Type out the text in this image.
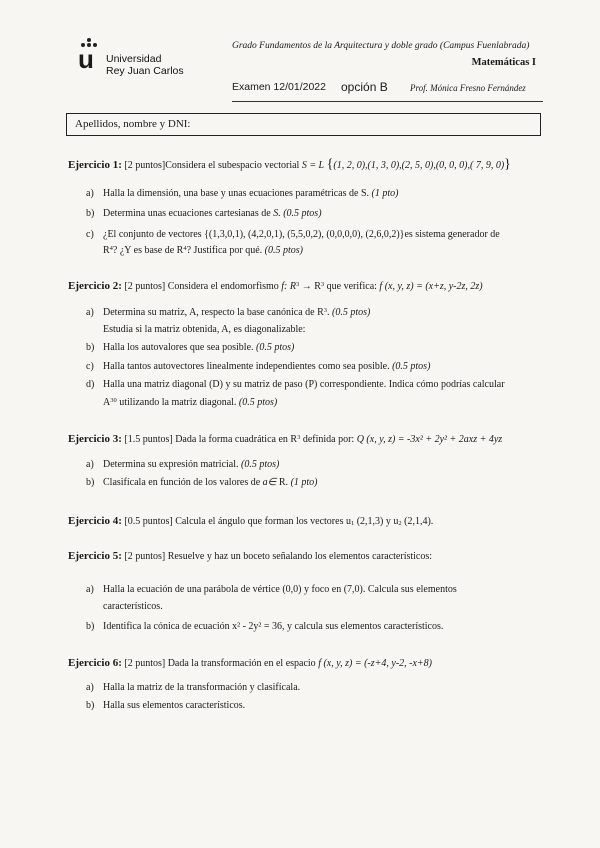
u Universidad
Rey Juan Carlos
Grado Fundamentos de la Arquitectura y doble grado (Campus Fuenlabrada)
Matemáticas I
Examen 12/01/2022 opción B Prof. Mónica Fresno Fernández
Apellidos, nombre y DNI:
Ejercicio 1: [2 puntos]Considera el subespacio vectorial S = L {(1, 2, 0),(1, 3, 0),(2, 5, 0),(0, 0, 0),( 7, 9, 0)}
a) Halla la dimensión, una base y unas ecuaciones paramétricas de S. (1 pto)
b) Determina unas ecuaciones cartesianas de S. (0.5 ptos)
c) ¿El conjunto de vectores {(1,3,0,1), (4,2,0,1), (5,5,0,2), (0,0,0,0), (2,6,0,2)}es sistema generador de
$R^4$? ¿Y es base de $R^4$? Justifica por qué. (0.5 ptos)
Ejercicio 2: [2 puntos] Considera el endomorfismo f: $R^3 \to R^3$ que verifica: f (x, y, z) = (x+z, y-2z, 2z)
a) Determina su matriz, A, respecto la base canónica de $R^3$. (0.5 ptos)
Estudia si la matriz obtenida, A, es diagonalizable:
b) Halla los autovalores que sea posible. (0.5 ptos)
c) Halla tantos autovectores linealmente independientes como sea posible. (0.5 ptos)
d) Halla una matriz diagonal (D) y su matriz de paso (P) correspondiente. Indica cómo podrías calcular
$A^{30}$ utilizando la matriz diagonal. (0.5 ptos)
Ejercicio 3: [1.5 puntos] Dada la forma cuadrática en $R^3$ definida por: Q (x, y, z) = -3x² + 2y² + 2axz + 4yz
a) Determina su expresión matricial. (0.5 ptos)
b) Clasifícala en función de los valores de a∈ R. (1 pto)
Ejercicio 4: [0.5 puntos] Calcula el ángulo que forman los vectores $u_1$ (2,1,3) y $u_2$ (2,1,4).
Ejercicio 5: [2 puntos] Resuelve y haz un boceto señalando los elementos característicos:
a) Halla la ecuación de una parábola de vértice (0,0) y foco en (7,0). Calcula sus elementos
característicos.
b) Identifica la cónica de ecuación x² - 2y² = 36, y calcula sus elementos característicos.
Ejercicio 6: [2 puntos] Dada la transformación en el espacio f (x, y, z) = (-z+4, y-2, -x+8)
a) Halla la matriz de la transformación y clasifícala.
b) Halla sus elementos característicos.
